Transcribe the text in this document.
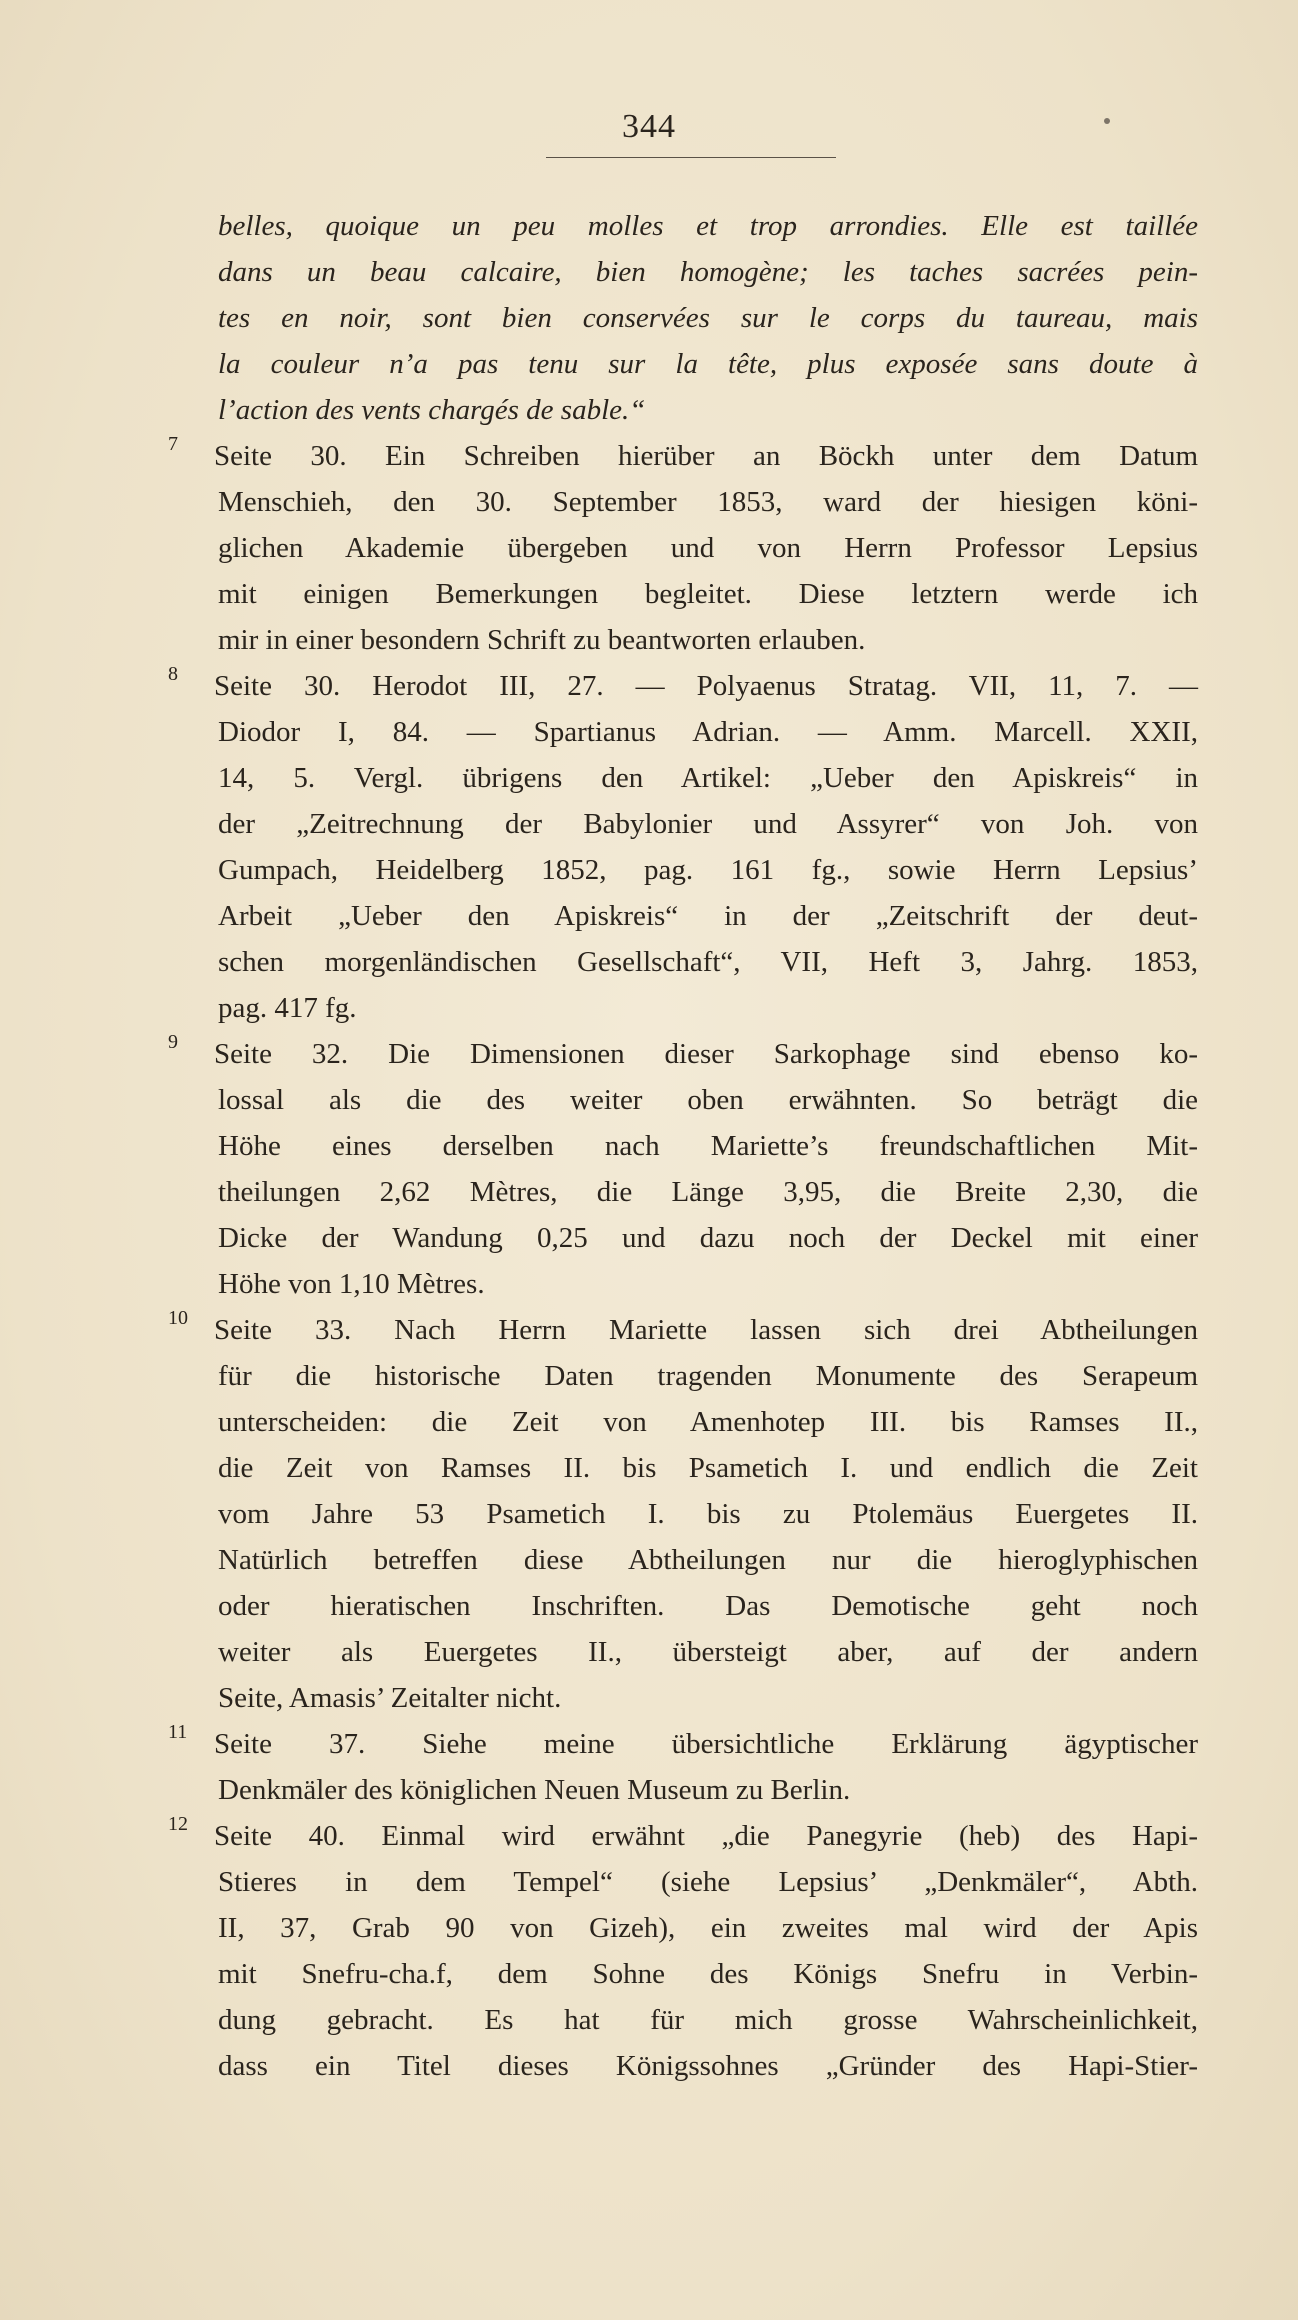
344
belles, quoique un peu molles et trop arrondies. Elle est taillée
dans un beau calcaire, bien homogène; les taches sacrées pein-
tes en noir, sont bien conservées sur le corps du taureau, mais
la couleur n’a pas tenu sur la tête, plus exposée sans doute à
l’action des vents chargés de sable.“
7 Seite 30. Ein Schreiben hierüber an Böckh unter dem Datum
Menschieh, den 30. September 1853, ward der hiesigen köni-
glichen Akademie übergeben und von Herrn Professor Lepsius
mit einigen Bemerkungen begleitet. Diese letztern werde ich
mir in einer besondern Schrift zu beantworten erlauben.
8 Seite 30. Herodot III, 27. — Polyaenus Stratag. VII, 11, 7. —
Diodor I, 84. — Spartianus Adrian. — Amm. Marcell. XXII,
14, 5. Vergl. übrigens den Artikel: „Ueber den Apiskreis“ in
der „Zeitrechnung der Babylonier und Assyrer“ von Joh. von
Gumpach, Heidelberg 1852, pag. 161 fg., sowie Herrn Lepsius’
Arbeit „Ueber den Apiskreis“ in der „Zeitschrift der deut-
schen morgenländischen Gesellschaft“, VII, Heft 3, Jahrg. 1853,
pag. 417 fg.
9 Seite 32. Die Dimensionen dieser Sarkophage sind ebenso ko-
lossal als die des weiter oben erwähnten. So beträgt die
Höhe eines derselben nach Mariette’s freundschaftlichen Mit-
theilungen 2,62 Mètres, die Länge 3,95, die Breite 2,30, die
Dicke der Wandung 0,25 und dazu noch der Deckel mit einer
Höhe von 1,10 Mètres.
10 Seite 33. Nach Herrn Mariette lassen sich drei Abtheilungen
für die historische Daten tragenden Monumente des Serapeum
unterscheiden: die Zeit von Amenhotep III. bis Ramses II.,
die Zeit von Ramses II. bis Psametich I. und endlich die Zeit
vom Jahre 53 Psametich I. bis zu Ptolemäus Euergetes II.
Natürlich betreffen diese Abtheilungen nur die hieroglyphischen
oder hieratischen Inschriften. Das Demotische geht noch
weiter als Euergetes II., übersteigt aber, auf der andern
Seite, Amasis’ Zeitalter nicht.
11 Seite 37. Siehe meine übersichtliche Erklärung ägyptischer
Denkmäler des königlichen Neuen Museum zu Berlin.
12 Seite 40. Einmal wird erwähnt „die Panegyrie (heb) des Hapi-
Stieres in dem Tempel“ (siehe Lepsius’ „Denkmäler“, Abth.
II, 37, Grab 90 von Gizeh), ein zweites mal wird der Apis
mit Snefru-cha.f, dem Sohne des Königs Snefru in Verbin-
dung gebracht. Es hat für mich grosse Wahrscheinlichkeit,
dass ein Titel dieses Königssohnes „Gründer des Hapi-Stier-
